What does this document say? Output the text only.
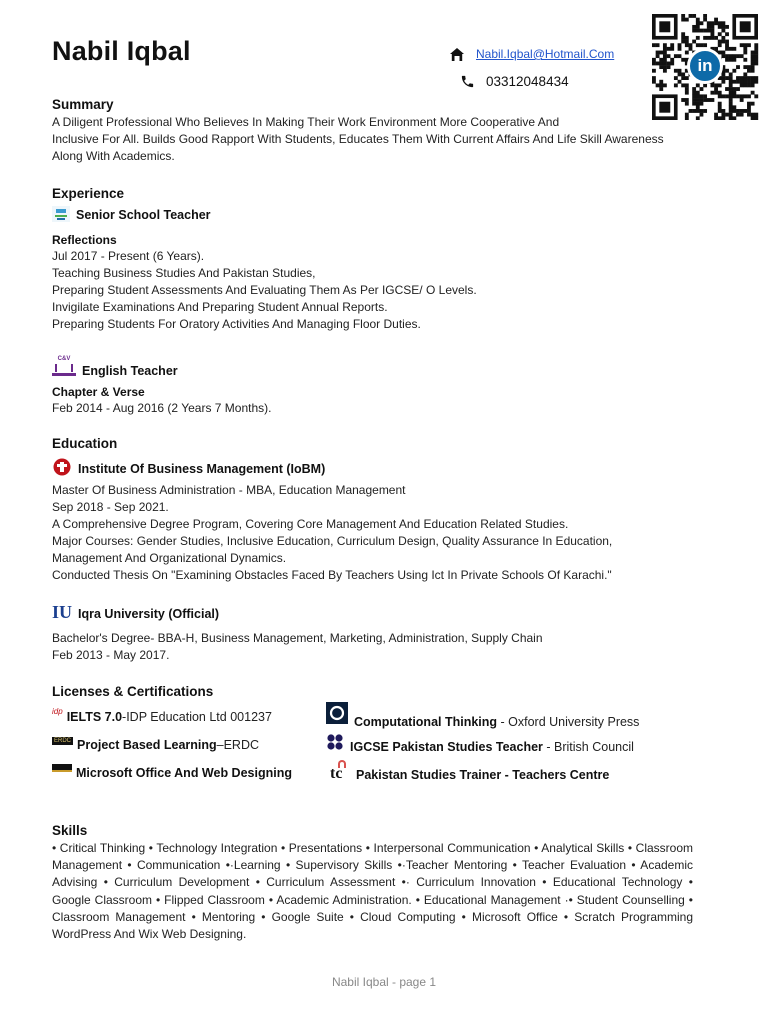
Nabil Iqbal	Nabil.Iqbal@Hotmail.Com
03312048434
in
Summary
A Diligent Professional Who Believes In Making Their Work Environment More Cooperative And
Inclusive For All. Builds Good Rapport With Students, Educates Them With Current Affairs And Life Skill Awareness
Along With Academics.
Experience
Senior School Teacher
Reflections
Jul 2017 - Present (6 Years).
Teaching Business Studies And Pakistan Studies,
Preparing Student Assessments And Evaluating Them As Per IGCSE/ O Levels.
Invigilate Examinations And Preparing Student Annual Reports.
Preparing Students For Oratory Activities And Managing Floor Duties.
C&V
English Teacher
Chapter & Verse
Feb 2014 - Aug 2016 (2 Years 7 Months).
Education
Institute Of Business Management (IoBM)
Master Of Business Administration - MBA, Education Management
Sep 2018 - Sep 2021.
A Comprehensive Degree Program, Covering Core Management And Education Related Studies.
Major Courses: Gender Studies, Inclusive Education, Curriculum Design, Quality Assurance In Education,
Management And Organizational Dynamics.
Conducted Thesis On "Examining Obstacles Faced By Teachers Using Ict In Private Schools Of Karachi."
IU Iqra University (Official)
Bachelor's Degree- BBA-H, Business Management, Marketing, Administration, Supply Chain
Feb 2013 - May 2017.
Licenses & Certifications
idp IELTS 7.0 - IDP Education Ltd 001237	Computational Thinking - Oxford University Press
ERDC Project Based Learning – ERDC	IGCSE Pakistan Studies Teacher - British Council
Microsoft Office And Web Designing tc Pakistan Studies Trainer - Teachers Centre
Skills
• Critical Thinking • Technology Integration • Presentations • Interpersonal Communication • Analytical Skills • Classroom Management • Communication •·Learning • Supervisory Skills •·Teacher Mentoring • Teacher Evaluation • Academic Advising • Curriculum Development • Curriculum Assessment •· Curriculum Innovation • Educational Technology • Google Classroom • Flipped Classroom • Academic Administration. • Educational Management ·• Student Counselling • Classroom Management • Mentoring • Google Suite • Cloud Computing • Microsoft Office • Scratch Programming WordPress And Wix Web Designing.
Nabil Iqbal - page 1
